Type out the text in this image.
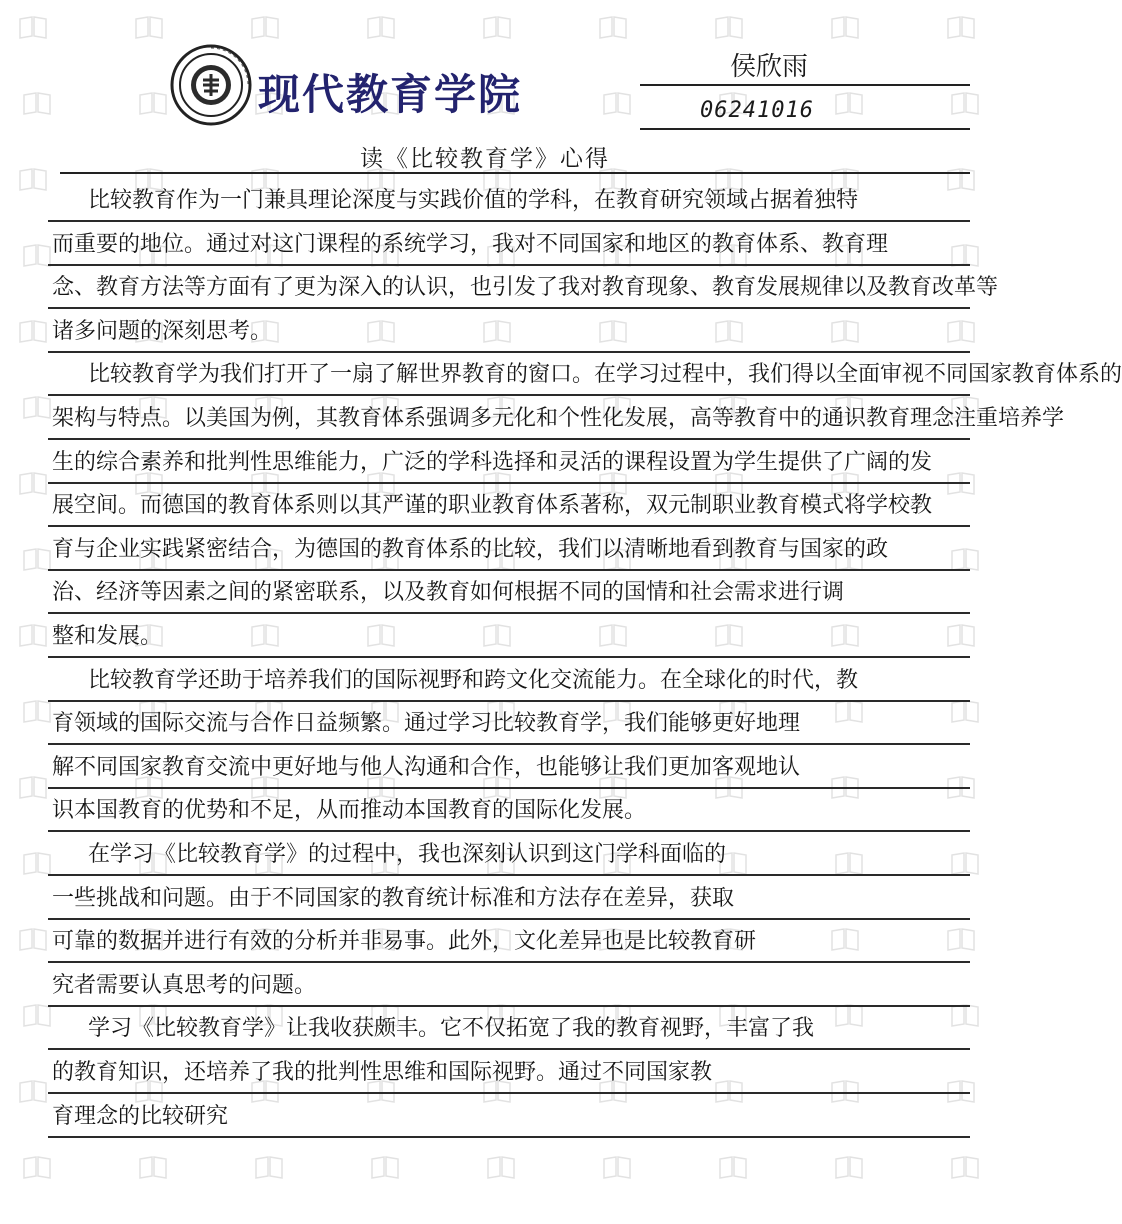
现代教育学院
侯欣雨
06241016
读《比较教育学》心得
比较教育作为一门兼具理论深度与实践价值的学科，在教育研究领域占据着独特
而重要的地位。通过对这门课程的系统学习，我对不同国家和地区的教育体系、教育理
念、教育方法等方面有了更为深入的认识，也引发了我对教育现象、教育发展规律以及教育改革等
诸多问题的深刻思考。
比较教育学为我们打开了一扇了解世界教育的窗口。在学习过程中，我们得以全面审视不同国家教育体系的
架构与特点。以美国为例，其教育体系强调多元化和个性化发展，高等教育中的通识教育理念注重培养学
生的综合素养和批判性思维能力，广泛的学科选择和灵活的课程设置为学生提供了广阔的发
展空间。而德国的教育体系则以其严谨的职业教育体系著称，双元制职业教育模式将学校教
育与企业实践紧密结合，为德国的教育体系的比较，我们以清晰地看到教育与国家的政
治、经济等因素之间的紧密联系，以及教育如何根据不同的国情和社会需求进行调
整和发展。
比较教育学还助于培养我们的国际视野和跨文化交流能力。在全球化的时代，教
育领域的国际交流与合作日益频繁。通过学习比较教育学，我们能够更好地理
解不同国家教育交流中更好地与他人沟通和合作，也能够让我们更加客观地认
识本国教育的优势和不足，从而推动本国教育的国际化发展。
在学习《比较教育学》的过程中，我也深刻认识到这门学科面临的
一些挑战和问题。由于不同国家的教育统计标准和方法存在差异，获取
可靠的数据并进行有效的分析并非易事。此外，文化差异也是比较教育研
究者需要认真思考的问题。
学习《比较教育学》让我收获颇丰。它不仅拓宽了我的教育视野，丰富了我
的教育知识，还培养了我的批判性思维和国际视野。通过不同国家教
育理念的比较研究
